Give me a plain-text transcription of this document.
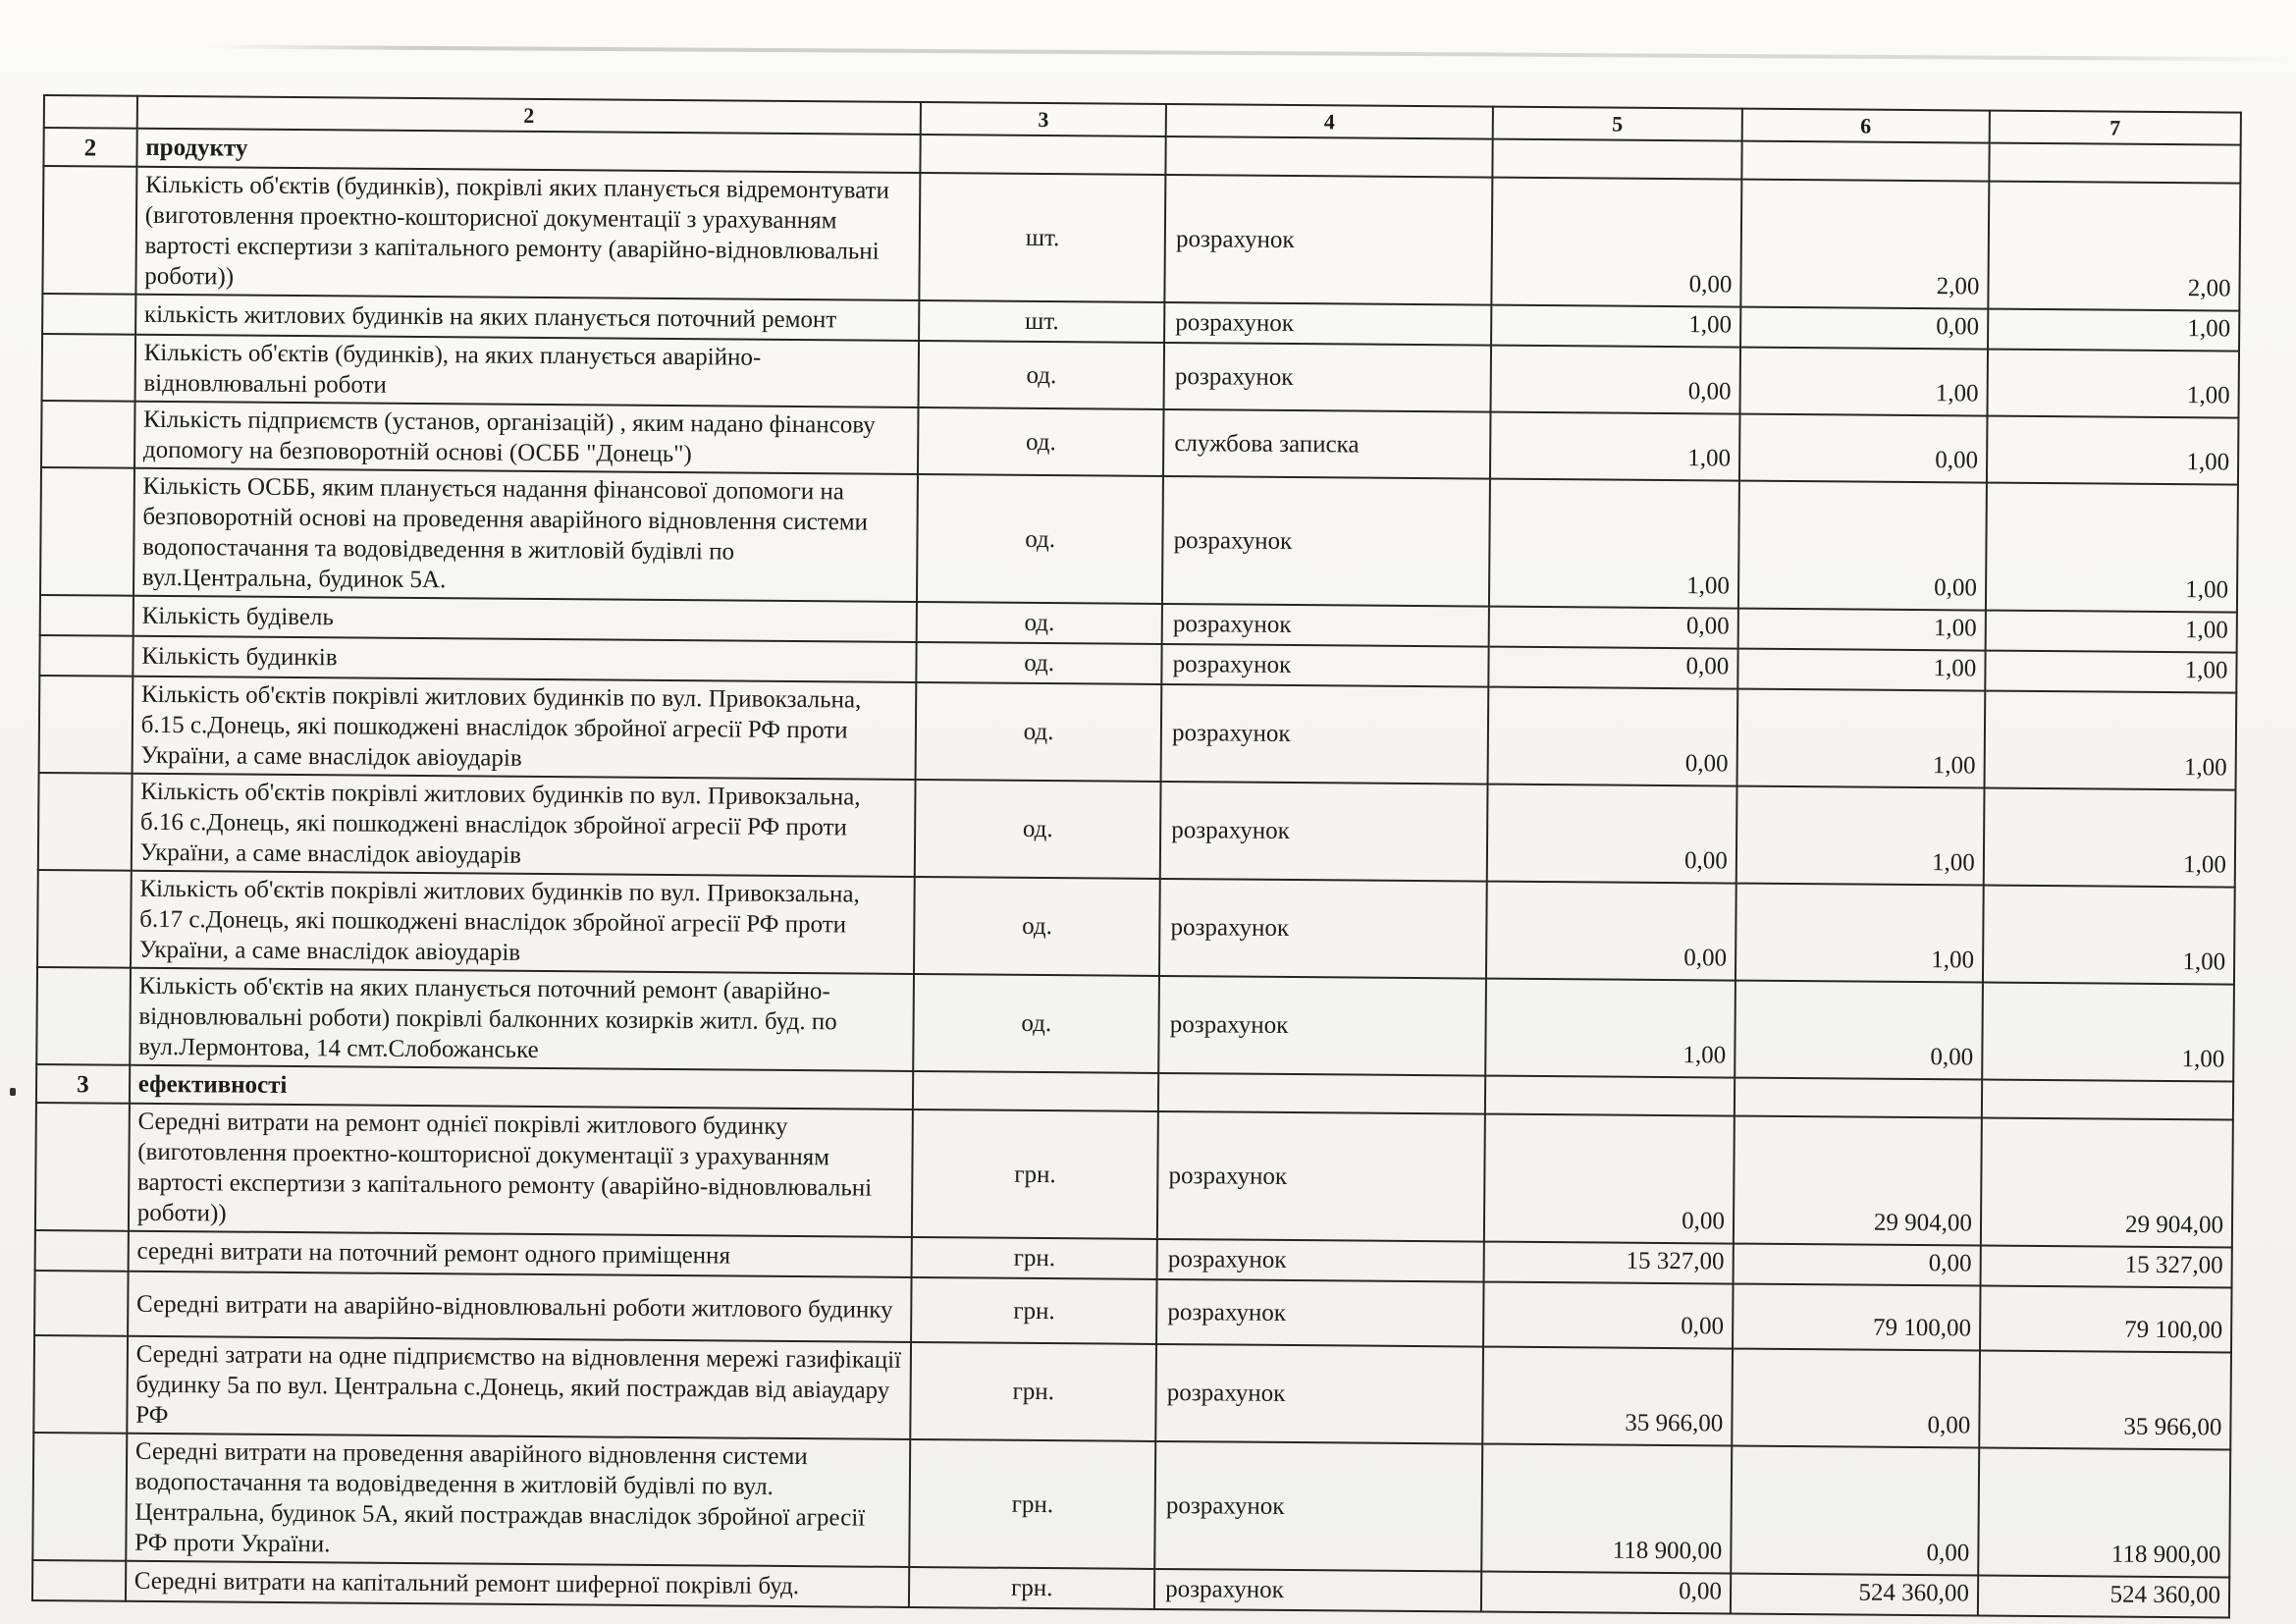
	2	3	4	5	6	7
2	продукту					
	Кількість об'єктів (будинків), покрівлі яких планується відремонтувати (виготовлення проектно-кошторисної документації з урахуванням вартості експертизи з капітального ремонту (аварійно-відновлювальні роботи))	шт.	розрахунок	0,00	2,00	2,00
	кількість житлових будинків на яких планується поточний ремонт	шт.	розрахунок	1,00	0,00	1,00
	Кількість об'єктів (будинків), на яких планується аварійно-відновлювальні роботи	од.	розрахунок	0,00	1,00	1,00
	Кількість підприємств (установ, організацій) , яким надано фінансову допомогу на безповоротній основі (ОСББ "Донець")	од.	службова записка	1,00	0,00	1,00
	Кількість ОСББ, яким планується надання фінансової допомоги на безповоротній основі на проведення аварійного відновлення системи водопостачання та водовідведення в житловій будівлі по вул.Центральна, будинок 5А.	од.	розрахунок	1,00	0,00	1,00
	Кількість будівель	од.	розрахунок	0,00	1,00	1,00
	Кількість будинків	од.	розрахунок	0,00	1,00	1,00
	Кількість об'єктів покрівлі житлових будинків по вул. Привокзальна, б.15 с.Донець, які пошкоджені внаслідок збройної агресії РФ проти України, а саме внаслідок авіоударів	од.	розрахунок	0,00	1,00	1,00
	Кількість об'єктів покрівлі житлових будинків по вул. Привокзальна, б.16 с.Донець, які пошкоджені внаслідок збройної агресії РФ проти України, а саме внаслідок авіоударів	од.	розрахунок	0,00	1,00	1,00
	Кількість об'єктів покрівлі житлових будинків по вул. Привокзальна, б.17 с.Донець, які пошкоджені внаслідок збройної агресії РФ проти України, а саме внаслідок авіоударів	од.	розрахунок	0,00	1,00	1,00
	Кількість об'єктів на яких планується поточний ремонт (аварійно-відновлювальні роботи) покрівлі балконних козирків житл. буд. по вул.Лермонтова, 14 смт.Слобожанське	од.	розрахунок	1,00	0,00	1,00
3	ефективності					
	Середні витрати на ремонт однієї покрівлі житлового будинку (виготовлення проектно-кошторисної документації з урахуванням вартості експертизи з капітального ремонту (аварійно-відновлювальні роботи))	грн.	розрахунок	0,00	29 904,00	29 904,00
	середні витрати на поточний ремонт одного приміщення	грн.	розрахунок	15 327,00	0,00	15 327,00
	Середні витрати на аварійно-відновлювальні роботи житлового будинку	грн.	розрахунок	0,00	79 100,00	79 100,00
	Середні затрати на одне підприємство на відновлення мережі газифікації будинку 5а по вул. Центральна с.Донець, який постраждав від авіаудару РФ	грн.	розрахунок	35 966,00	0,00	35 966,00
	Середні витрати на проведення аварійного відновлення системи водопостачання та водовідведення в житловій будівлі по вул. Центральна, будинок 5А, який постраждав внаслідок збройної агресії РФ проти України.	грн.	розрахунок	118 900,00	0,00	118 900,00
	Середні витрати на капітальний ремонт шиферної покрівлі буд.	грн.	розрахунок	0,00	524 360,00	524 360,00
